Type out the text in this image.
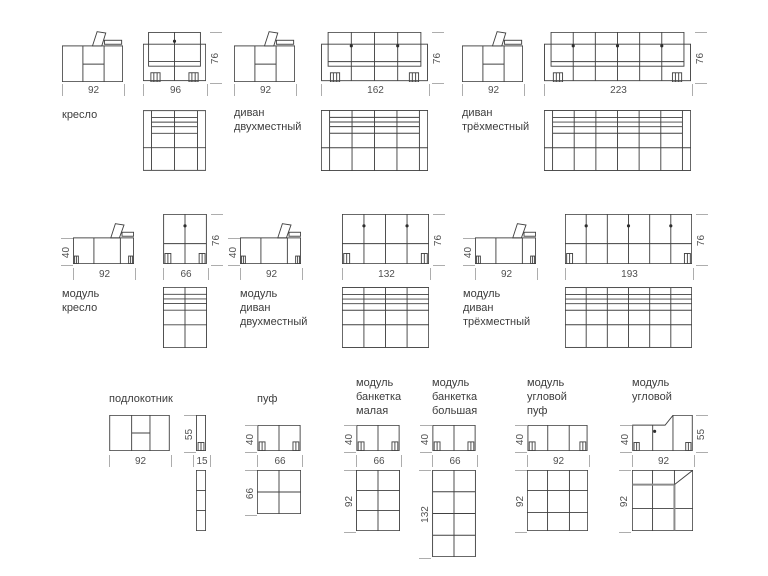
92
кресло
76
96	92
диван
двухместный
76
162	92
диван
трёхместный
76
223
40
92
модуль
кресло
76
66
40
92
модуль
диван
двухместный
76
132
40
92
модуль
диван
трёхместный
76
193
подлокотник
92
55
15
пуф
40
66
66
модуль
банкетка
малая
40
66
92
модуль
банкетка
большая
40
66
132
модуль
угловой
пуф
40
92
92
модуль
угловой
40	55
92
92
